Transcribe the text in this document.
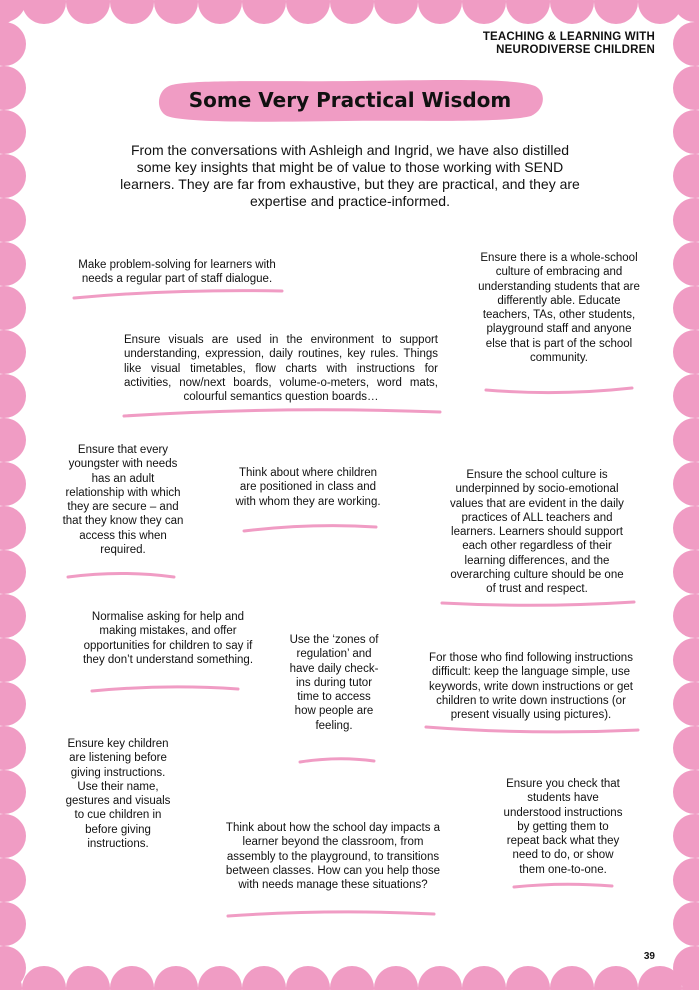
TEACHING & LEARNING WITH
NEURODIVERSE CHILDREN
Some Very Practical Wisdom
From the conversations with Ashleigh and Ingrid, we have also distilled some key insights that might be of value to those working with SEND learners. They are far from exhaustive, but they are practical, and they are expertise and practice-informed.
Make problem-solving for learners with needs a regular part of staff dialogue.
Ensure there is a whole-school culture of embracing and understanding students that are differently able. Educate teachers, TAs, other students, playground staff and anyone else that is part of the school community.
Ensure visuals are used in the environment to support understanding, expression, daily routines, key rules. Things like visual timetables, flow charts with instructions for activities, now/next boards, volume-o-meters, word mats, colourful semantics question boards…
Ensure that every youngster with needs has an adult relationship with which they are secure – and that they know they can access this when required.
Think about where children are positioned in class and with whom they are working.
Ensure the school culture is underpinned by socio-emotional values that are evident in the daily practices of ALL teachers and learners. Learners should support each other regardless of their learning differences, and the overarching culture should be one of trust and respect.
Normalise asking for help and making mistakes, and offer opportunities for children to say if they don’t understand something.
Use the ‘zones of regulation’ and have daily check-ins during tutor time to access how people are feeling.
For those who find following instructions difficult: keep the language simple, use keywords, write down instructions or get children to write down instructions (or present visually using pictures).
Ensure key children are listening before giving instructions. Use their name, gestures and visuals to cue children in before giving instructions.
Ensure you check that students have understood instructions by getting them to repeat back what they need to do, or show them one-to-one.
Think about how the school day impacts a learner beyond the classroom, from assembly to the playground, to transitions between classes. How can you help those with needs manage these situations?
39
